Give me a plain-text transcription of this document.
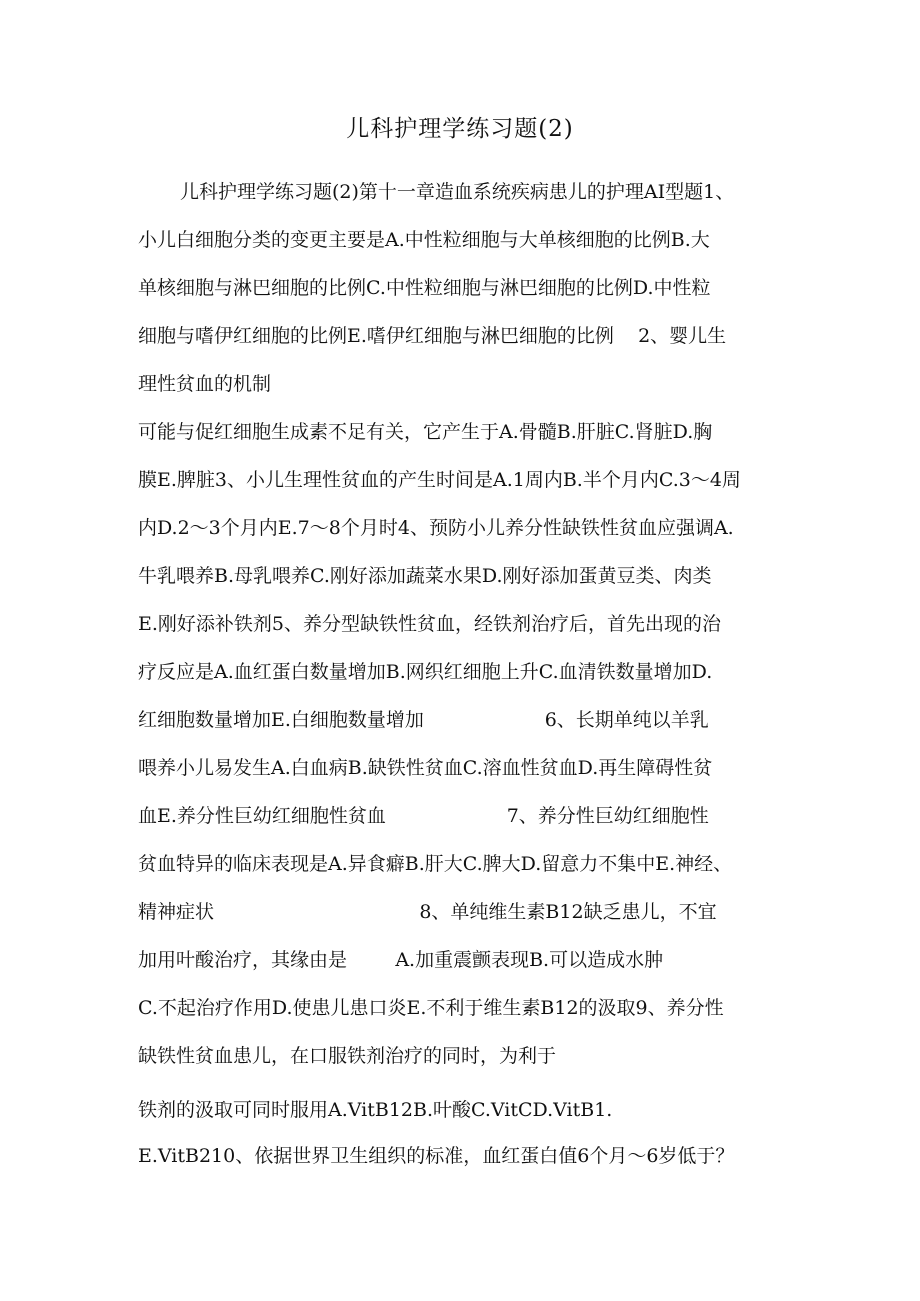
儿科护理学练习题(2)
儿科护理学练习题(2)第十一章造血系统疾病患儿的护理AI型题1、
小儿白细胞分类的变更主要是A.中性粒细胞与大单核细胞的比例B.大
单核细胞与淋巴细胞的比例C.中性粒细胞与淋巴细胞的比例D.中性粒
细胞与嗜伊红细胞的比例E.嗜伊红细胞与淋巴细胞的比例    2、婴儿生
理性贫血的机制
可能与促红细胞生成素不足有关，它产生于A.骨髓B.肝脏C.肾脏D.胸
膜E.脾脏3、小儿生理性贫血的产生时间是A.1周内B.半个月内C.3～4周
内D.2～3个月内E.7～8个月时4、预防小儿养分性缺铁性贫血应强调A.
牛乳喂养B.母乳喂养C.刚好添加蔬菜水果D.刚好添加蛋黄豆类、肉类
E.刚好添补铁剂5、养分型缺铁性贫血，经铁剂治疗后，首先出现的治
疗反应是A.血红蛋白数量增加B.网织红细胞上升C.血清铁数量增加D.
红细胞数量增加E.白细胞数量增加                    6、长期单纯以羊乳
喂养小儿易发生A.白血病B.缺铁性贫血C.溶血性贫血D.再生障碍性贫
血E.养分性巨幼红细胞性贫血                    7、养分性巨幼红细胞性
贫血特异的临床表现是A.异食癖B.肝大C.脾大D.留意力不集中E.神经、
精神症状                                  8、单纯维生素B12缺乏患儿，不宜
加用叶酸治疗，其缘由是        A.加重震颤表现B.可以造成水肿
C.不起治疗作用D.使患儿患口炎E.不利于维生素B12的汲取9、养分性
缺铁性贫血患儿，在口服铁剂治疗的同时，为利于
铁剂的汲取可同时服用A.VitB12B.叶酸C.VitCD.VitB1.
E.VitB210、依据世界卫生组织的标准，血红蛋白值6个月～6岁低于？
